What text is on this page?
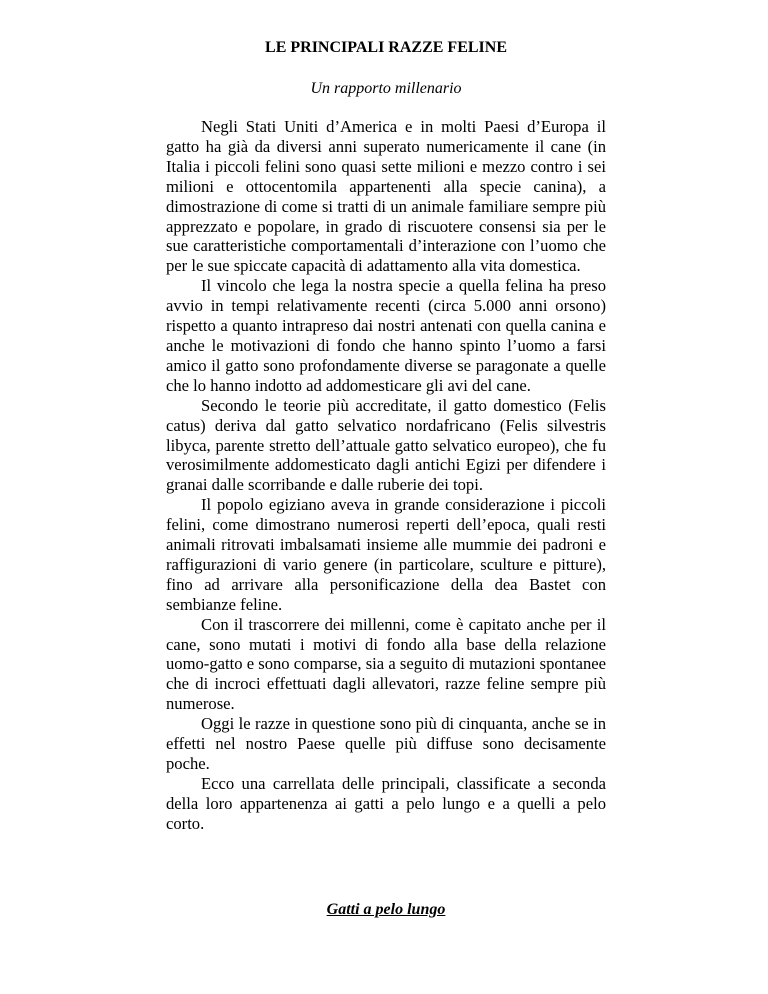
LE PRINCIPALI RAZZE FELINE
Un rapporto millenario

Negli Stati Uniti d’America e in molti Paesi d’Europa il gatto ha già da diversi anni superato numericamente il cane (in Italia i piccoli felini sono quasi sette milioni e mezzo contro i sei milioni e ottocentomila appartenenti alla specie canina), a dimostrazione di come si tratti di un animale familiare sempre più apprezzato e popolare, in grado di riscuotere consensi sia per le sue caratteristiche comportamentali d’interazione con l’uomo che per le sue spiccate capacità di adattamento alla vita domestica.

Il vincolo che lega la nostra specie a quella felina ha preso avvio in tempi relativamente recenti (circa 5.000 anni orsono) rispetto a quanto intrapreso dai nostri antenati con quella canina e anche le motivazioni di fondo che hanno spinto l’uomo a farsi amico il gatto sono profondamente diverse se paragonate a quelle che lo hanno indotto ad addomesticare gli avi del cane.

Secondo le teorie più accreditate, il gatto domestico (Felis catus) deriva dal gatto selvatico nordafricano (Felis silvestris libyca, parente stretto dell’attuale gatto selvatico europeo), che fu verosimilmente addomesticato dagli antichi Egizi per difendere i granai dalle scorribande e dalle ruberie dei topi.

Il popolo egiziano aveva in grande considerazione i piccoli felini, come dimostrano numerosi reperti dell’epoca, quali resti animali ritrovati imbalsamati insieme alle mummie dei padroni e raffigurazioni di vario genere (in particolare, sculture e pitture), fino ad arrivare alla personificazione della dea Bastet con sembianze feline.

Con il trascorrere dei millenni, come è capitato anche per il cane, sono mutati i motivi di fondo alla base della relazione uomo-gatto e sono comparse, sia a seguito di mutazioni spontanee che di incroci effettuati dagli allevatori, razze feline sempre più numerose.

Oggi le razze in questione sono più di cinquanta, anche se in effetti nel nostro Paese quelle più diffuse sono decisamente poche.

Ecco una carrellata delle principali, classificate a seconda della loro appartenenza ai gatti a pelo lungo e a quelli a pelo corto.

Gatti a pelo lungo
